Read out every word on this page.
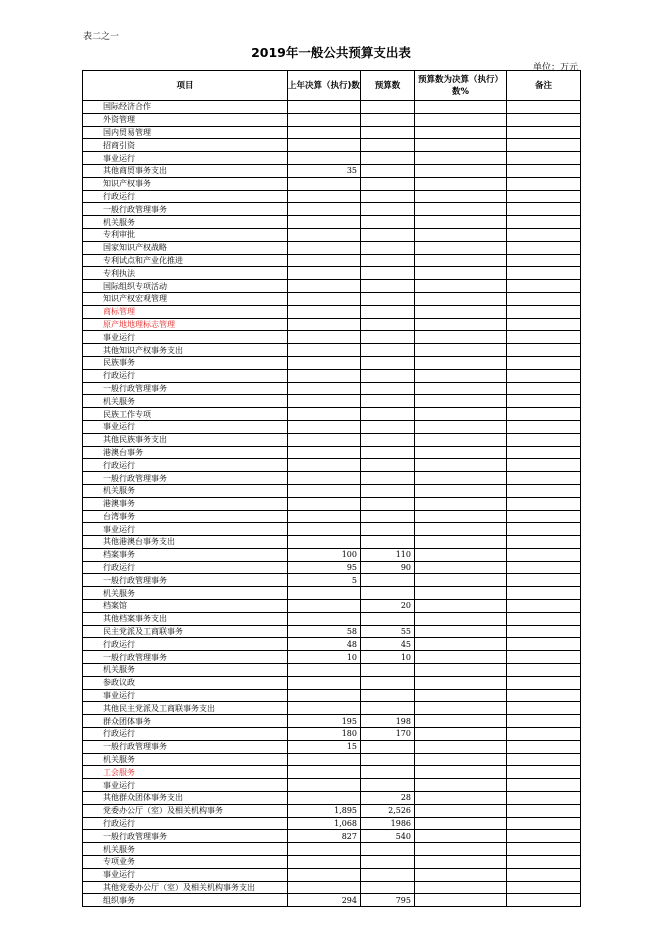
表二之一
2019年一般公共预算支出表
单位：万元
项目	上年决算（执行)数	预算数	预算数为决算（执行）数%	备注
国际经济合作				
外资管理				
国内贸易管理				
招商引资				
事业运行				
其他商贸事务支出	35			
知识产权事务				
行政运行				
一般行政管理事务				
机关服务				
专利审批				
国家知识产权战略				
专利试点和产业化推进				
专利执法				
国际组织专项活动				
知识产权宏观管理				
商标管理				
原产地地理标志管理				
事业运行				
其他知识产权事务支出				
民族事务				
行政运行				
一般行政管理事务				
机关服务				
民族工作专项				
事业运行				
其他民族事务支出				
港澳台事务				
行政运行				
一般行政管理事务				
机关服务				
港澳事务				
台湾事务				
事业运行				
其他港澳台事务支出				
档案事务	100	110		
行政运行	95	90		
一般行政管理事务	5			
机关服务				
档案馆		20		
其他档案事务支出				
民主党派及工商联事务	58	55		
行政运行	48	45		
一般行政管理事务	10	10		
机关服务				
参政议政				
事业运行				
其他民主党派及工商联事务支出				
群众团体事务	195	198		
行政运行	180	170		
一般行政管理事务	15			
机关服务				
工会服务				
事业运行				
其他群众团体事务支出		28		
党委办公厅（室）及相关机构事务	1,895	2,526		
行政运行	1,068	1986		
一般行政管理事务	827	540		
机关服务				
专项业务				
事业运行				
其他党委办公厅（室）及相关机构事务支出				
组织事务	294	795		
